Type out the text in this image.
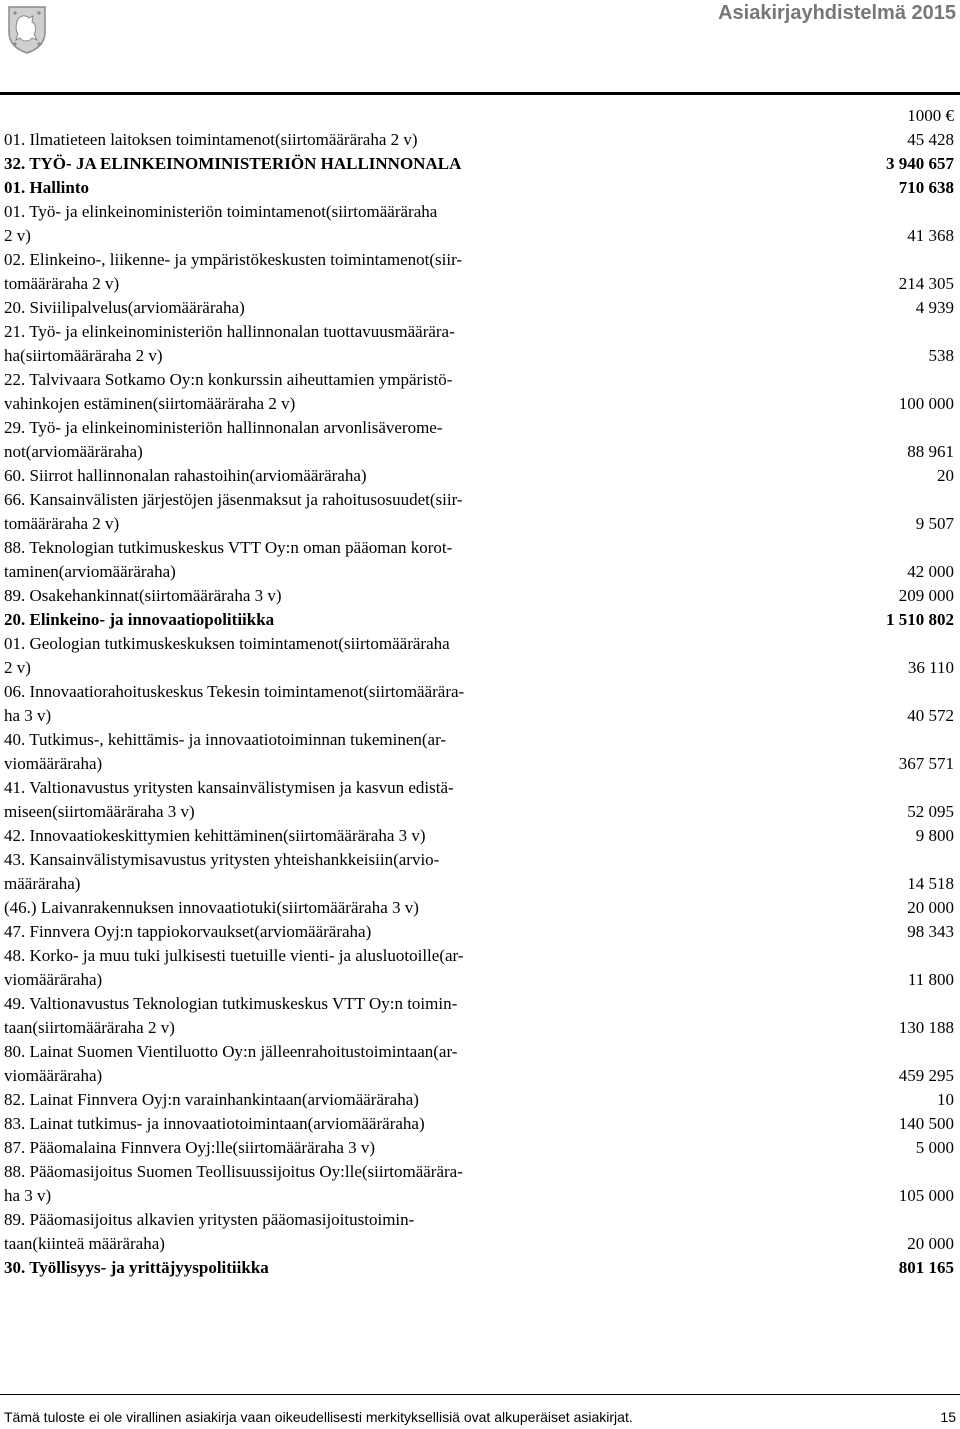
Asiakirjayhdistelmä 2015
1000 €
01. Ilmatieteen laitoksen toimintamenot(siirtomääräraha 2 v)	45 428
32. TYÖ- JA ELINKEINOMINISTERIÖN HALLINNONALA	3 940 657
01. Hallinto	710 638
01. Työ- ja elinkeinoministeriön toimintamenot(siirtomääräraha
2 v)	41 368
02. Elinkeino-, liikenne- ja ympäristökeskusten toimintamenot(siir-
tomääräraha 2 v)	214 305
20. Siviilipalvelus(arviomääräraha)	4 939
21. Työ- ja elinkeinoministeriön hallinnonalan tuottavuusmäärära-
ha(siirtomääräraha 2 v)	538
22. Talvivaara Sotkamo Oy:n konkurssin aiheuttamien ympäristö-
vahinkojen estäminen(siirtomääräraha 2 v)	100 000
29. Työ- ja elinkeinoministeriön hallinnonalan arvonlisäverome-
not(arviomääräraha)	88 961
60. Siirrot hallinnonalan rahastoihin(arviomääräraha)	20
66. Kansainvälisten järjestöjen jäsenmaksut ja rahoitusosuudet(siir-
tomääräraha 2 v)	9 507
88. Teknologian tutkimuskeskus VTT Oy:n oman pääoman korot-
taminen(arviomääräraha)	42 000
89. Osakehankinnat(siirtomääräraha 3 v)	209 000
20. Elinkeino- ja innovaatiopolitiikka	1 510 802
01. Geologian tutkimuskeskuksen toimintamenot(siirtomääräraha
2 v)	36 110
06. Innovaatiorahoituskeskus Tekesin toimintamenot(siirtomäärära-
ha 3 v)	40 572
40. Tutkimus-, kehittämis- ja innovaatiotoiminnan tukeminen(ar-
viomääräraha)	367 571
41. Valtionavustus yritysten kansainvälistymisen ja kasvun edistä-
miseen(siirtomääräraha 3 v)	52 095
42. Innovaatiokeskittymien kehittäminen(siirtomääräraha 3 v)	9 800
43. Kansainvälistymisavustus yritysten yhteishankkeisiin(arvio-
määräraha)	14 518
(46.) Laivanrakennuksen innovaatiotuki(siirtomääräraha 3 v)	20 000
47. Finnvera Oyj:n tappiokorvaukset(arviomääräraha)	98 343
48. Korko- ja muu tuki julkisesti tuetuille vienti- ja alusluotoille(ar-
viomääräraha)	11 800
49. Valtionavustus Teknologian tutkimuskeskus VTT Oy:n toimin-
taan(siirtomääräraha 2 v)	130 188
80. Lainat Suomen Vientiluotto Oy:n jälleenrahoitustoimintaan(ar-
viomääräraha)	459 295
82. Lainat Finnvera Oyj:n varainhankintaan(arviomääräraha)	10
83. Lainat tutkimus- ja innovaatiotoimintaan(arviomääräraha)	140 500
87. Pääomalaina Finnvera Oyj:lle(siirtomääräraha 3 v)	5 000
88. Pääomasijoitus Suomen Teollisuussijoitus Oy:lle(siirtomäärära-
ha 3 v)	105 000
89. Pääomasijoitus alkavien yritysten pääomasijoitustoimin-
taan(kiinteä määräraha)	20 000
30. Työllisyys- ja yrittäjyyspolitiikka	801 165
Tämä tuloste ei ole virallinen asiakirja vaan oikeudellisesti merkityksellisiä ovat alkuperäiset asiakirjat.	15
